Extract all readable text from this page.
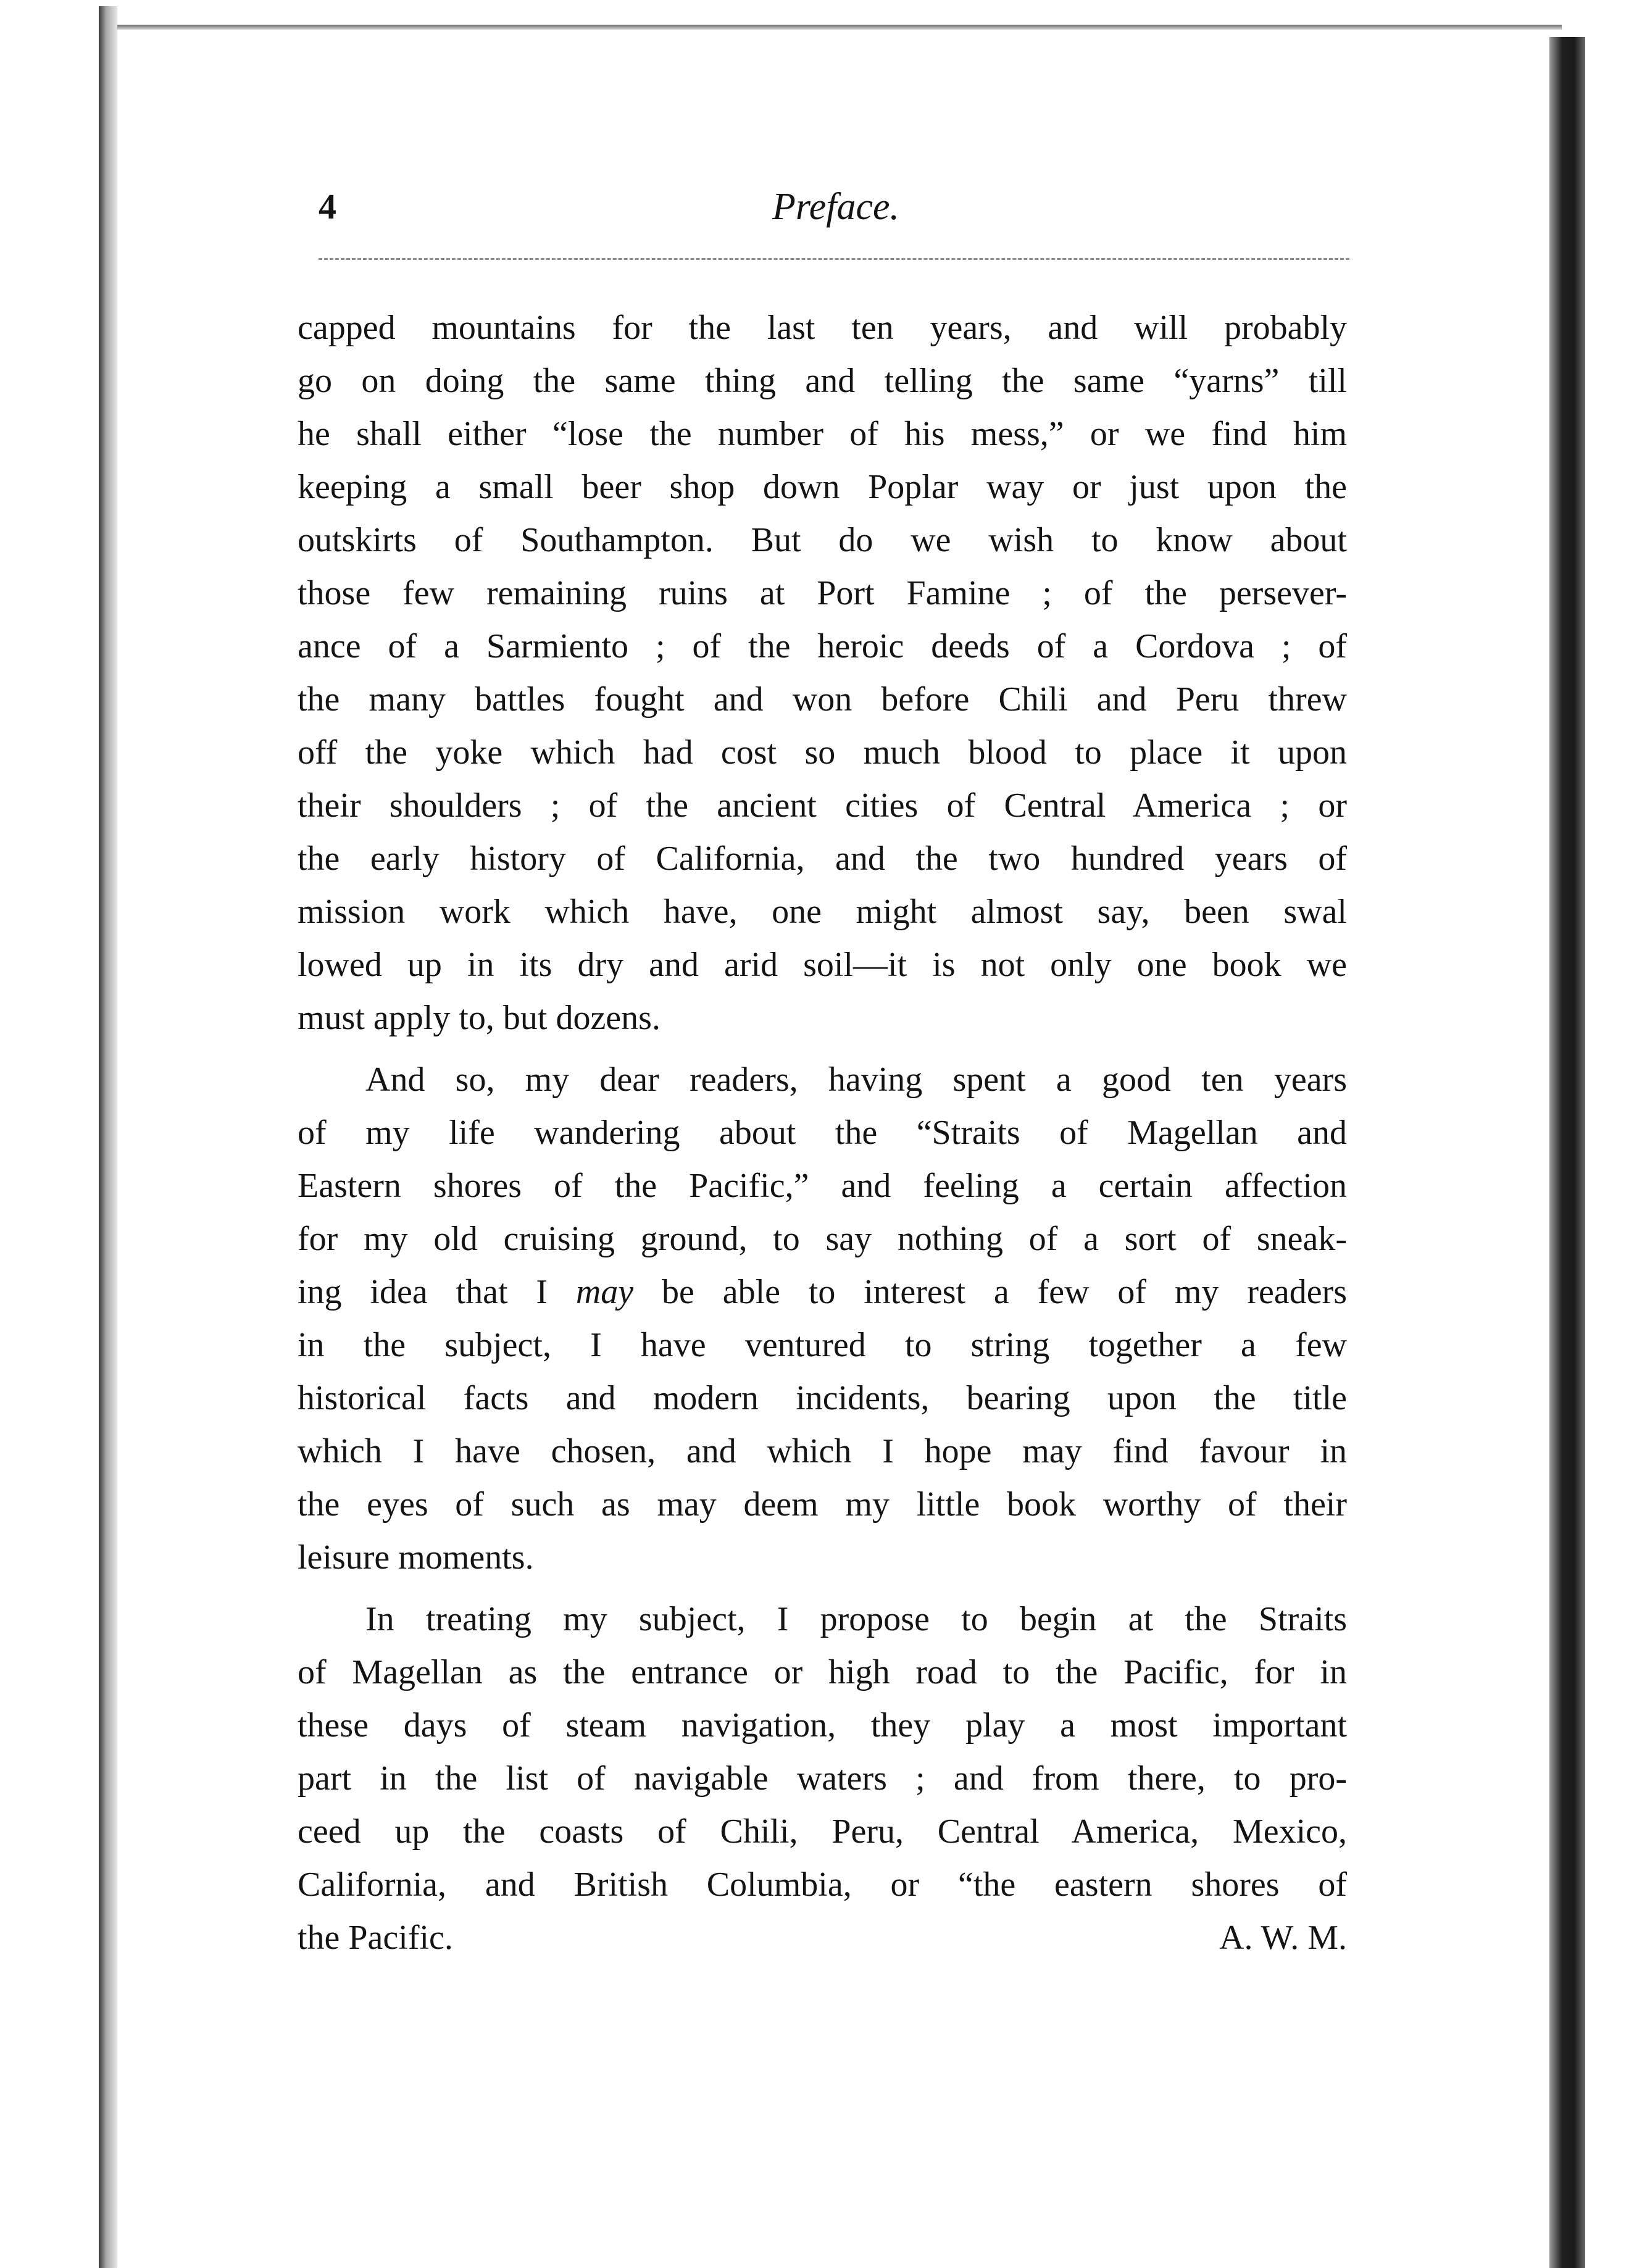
4	Preface.
capped mountains for the last ten years, and will probably
go on doing the same thing and telling the same “yarns” till
he shall either “lose the number of his mess,” or we find him
keeping a small beer shop down Poplar way or just upon the
outskirts of Southampton. But do we wish to know about
those few remaining ruins at Port Famine ; of the persever-
ance of a Sarmiento ; of the heroic deeds of a Cordova ; of
the many battles fought and won before Chili and Peru threw
off the yoke which had cost so much blood to place it upon
their shoulders ; of the ancient cities of Central America ; or
the early history of California, and the two hundred years of
mission work which have, one might almost say, been swal
lowed up in its dry and arid soil—it is not only one book we
must apply to, but dozens.
And so, my dear readers, having spent a good ten years
of my life wandering about the “Straits of Magellan and
Eastern shores of the Pacific,” and feeling a certain affection
for my old cruising ground, to say nothing of a sort of sneak-
ing idea that I may be able to interest a few of my readers
in the subject, I have ventured to string together a few
historical facts and modern incidents, bearing upon the title
which I have chosen, and which I hope may find favour in
the eyes of such as may deem my little book worthy of their
leisure moments.
In treating my subject, I propose to begin at the Straits
of Magellan as the entrance or high road to the Pacific, for in
these days of steam navigation, they play a most important
part in the list of navigable waters ; and from there, to pro-
ceed up the coasts of Chili, Peru, Central America, Mexico,
California, and British Columbia, or “the eastern shores of
the Pacific.	A. W. M.
